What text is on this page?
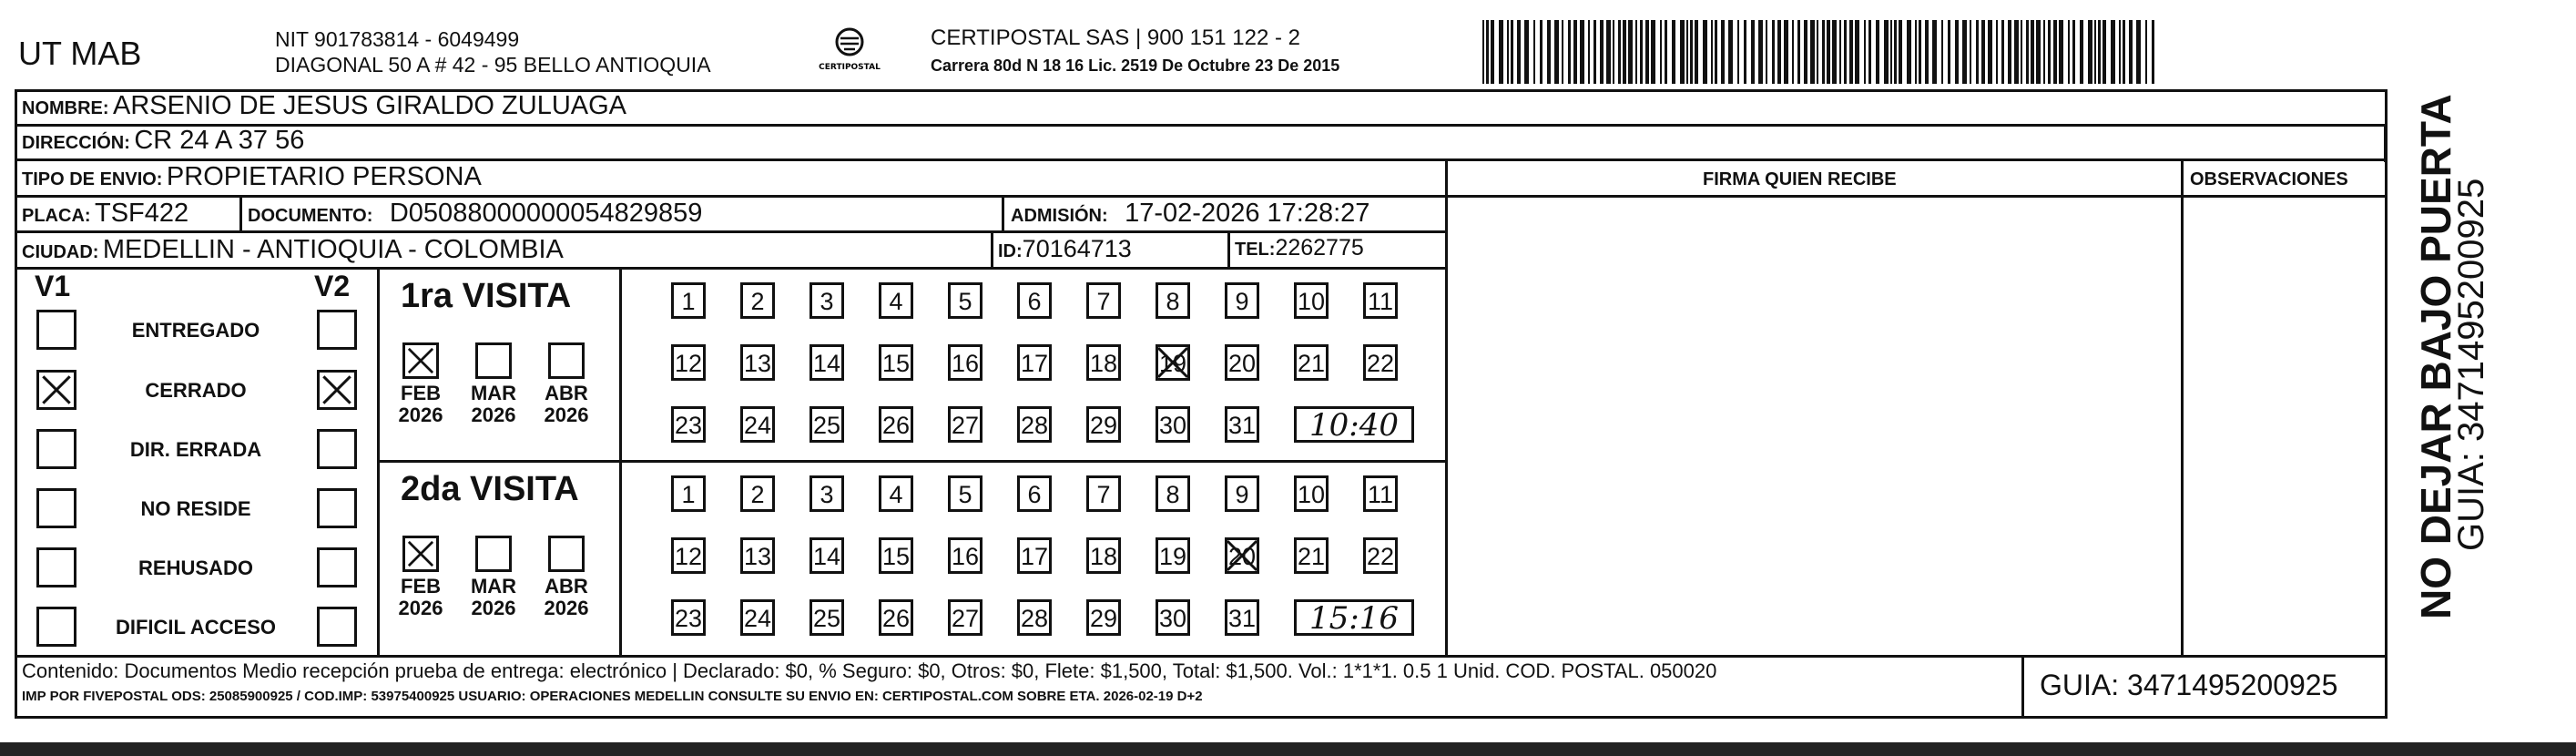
UT MAB	NIT 901783814 - 6049499
DIAGONAL 50 A # 42 - 95 BELLO ANTIOQUIA	CERTIPOSTAL
CERTIPOSTAL SAS | 900 151 122 - 2
Carrera 80d N 18 16 Lic. 2519 De Octubre 23 De 2015
NOMBRE: ARSENIO DE JESUS GIRALDO ZULUAGA
DIRECCIÓN: CR 24 A 37 56
TIPO DE ENVIO: PROPIETARIO PERSONA	FIRMA QUIEN RECIBE	OBSERVACIONES
PLACA: TSF422	DOCUMENTO: D05088000000054829859	ADMISIÓN: 17-02-2026 17:28:27
CIUDAD: MEDELLIN - ANTIOQUIA - COLOMBIA	ID:70164713	TEL:2262775
V1	V2
ENTREGADO
CERRADO
DIR. ERRADA
NO RESIDE
REHUSADO
DIFICIL ACCESO
1ra VISITA
FEB
2026
MAR
2026
ABR
2026
1	2	3	4	5	6	7	8	9	10 11
12 13 14 15 16 17 18 19 20 21 22
23 24 25 26 27 28 29 30 31	10:40
2da VISITA
FEB
2026
MAR
2026
ABR
2026
1	2	3	4	5	6	7	8	9	10 11
12 13 14 15 16 17 18 19 20 21 22
23 24 25 26 27 28 29 30 31	15:16
Contenido: Documentos Medio recepción prueba de entrega: electrónico | Declarado: $0, % Seguro: $0, Otros: $0, Flete: $1,500, Total: $1,500. Vol.: 1*1*1. 0.5 1 Unid. COD. POSTAL. 050020
IMP POR FIVEPOSTAL ODS: 25085900925 / COD.IMP: 53975400925 USUARIO: OPERACIONES MEDELLIN CONSULTE SU ENVIO EN: CERTIPOSTAL.COM SOBRE ETA. 2026-02-19 D+2	GUIA: 3471495200925
NO DEJAR BAJO PUERTA
GUIA: 3471495200925
